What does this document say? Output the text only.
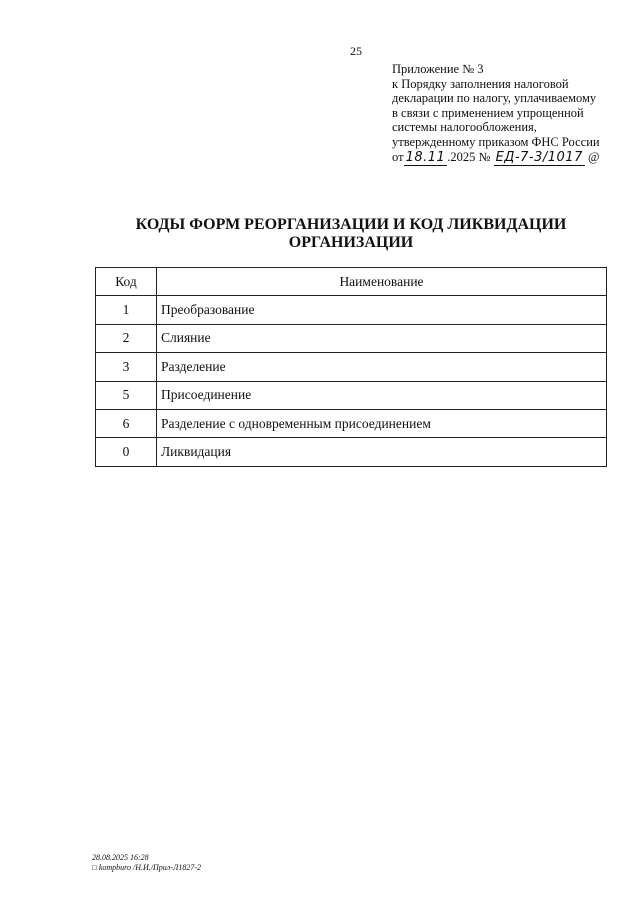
25
Приложение № 3
к Порядку заполнения налоговой
декларации по налогу, уплачиваемому
в связи с применением упрощенной
системы налогообложения,
утвержденному приказом ФНС России
от 18.11 .2025 № ЕД-7-3/1017 @
КОДЫ ФОРМ РЕОРГАНИЗАЦИИ И КОД ЛИКВИДАЦИИ
ОРГАНИЗАЦИИ
Код	Наименование
1	Преобразование
2	Слияние
3	Разделение
5	Присоединение
6	Разделение с одновременным присоединением
0	Ликвидация
28.08.2025 16:28
□ kompburo /Н.И./Прил-Л1827-2
